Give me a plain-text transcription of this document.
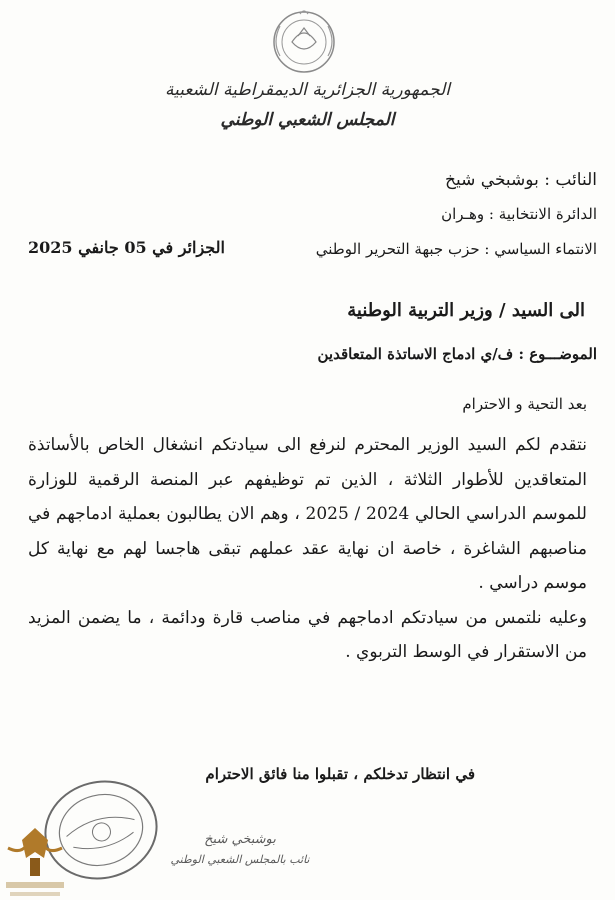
الجمهورية الجزائرية الديمقراطية الشعبية
المجلس الشعبي الوطني
النائب : بوشبخي شيخ
الدائرة الانتخابية : وهـران
الانتماء السياسي : حزب جبهة التحرير الوطني
الجزائر في 05 جانفي 2025
الى السيد / وزير التربية الوطنية
الموضـــوع : ف/ي ادماج الاساتذة المتعاقدين
بعد التحية و الاحترام

نتقدم لكم السيد الوزير المحترم لنرفع الى سيادتكم انشغال الخاص بالأساتذة المتعاقدين للأطوار الثلاثة ، الذين تم توظيفهم عبر المنصة الرقمية للوزارة للموسم الدراسي الحالي 2024 / 2025 ، وهم الان يطالبون بعملية ادماجهم في مناصبهم الشاغرة ، خاصة ان نهاية عقد عملهم تبقى هاجسا لهم مع نهاية كل موسم دراسي .

وعليه نلتمس من سيادتكم ادماجهم في مناصب قارة ودائمة ، ما يضمن المزيد من الاستقرار في الوسط التربوي .

في انتظار تدخلكم ، تقبلوا منا فائق الاحترام
بوشبخي شيخ
نائب بالمجلس الشعبي الوطني
